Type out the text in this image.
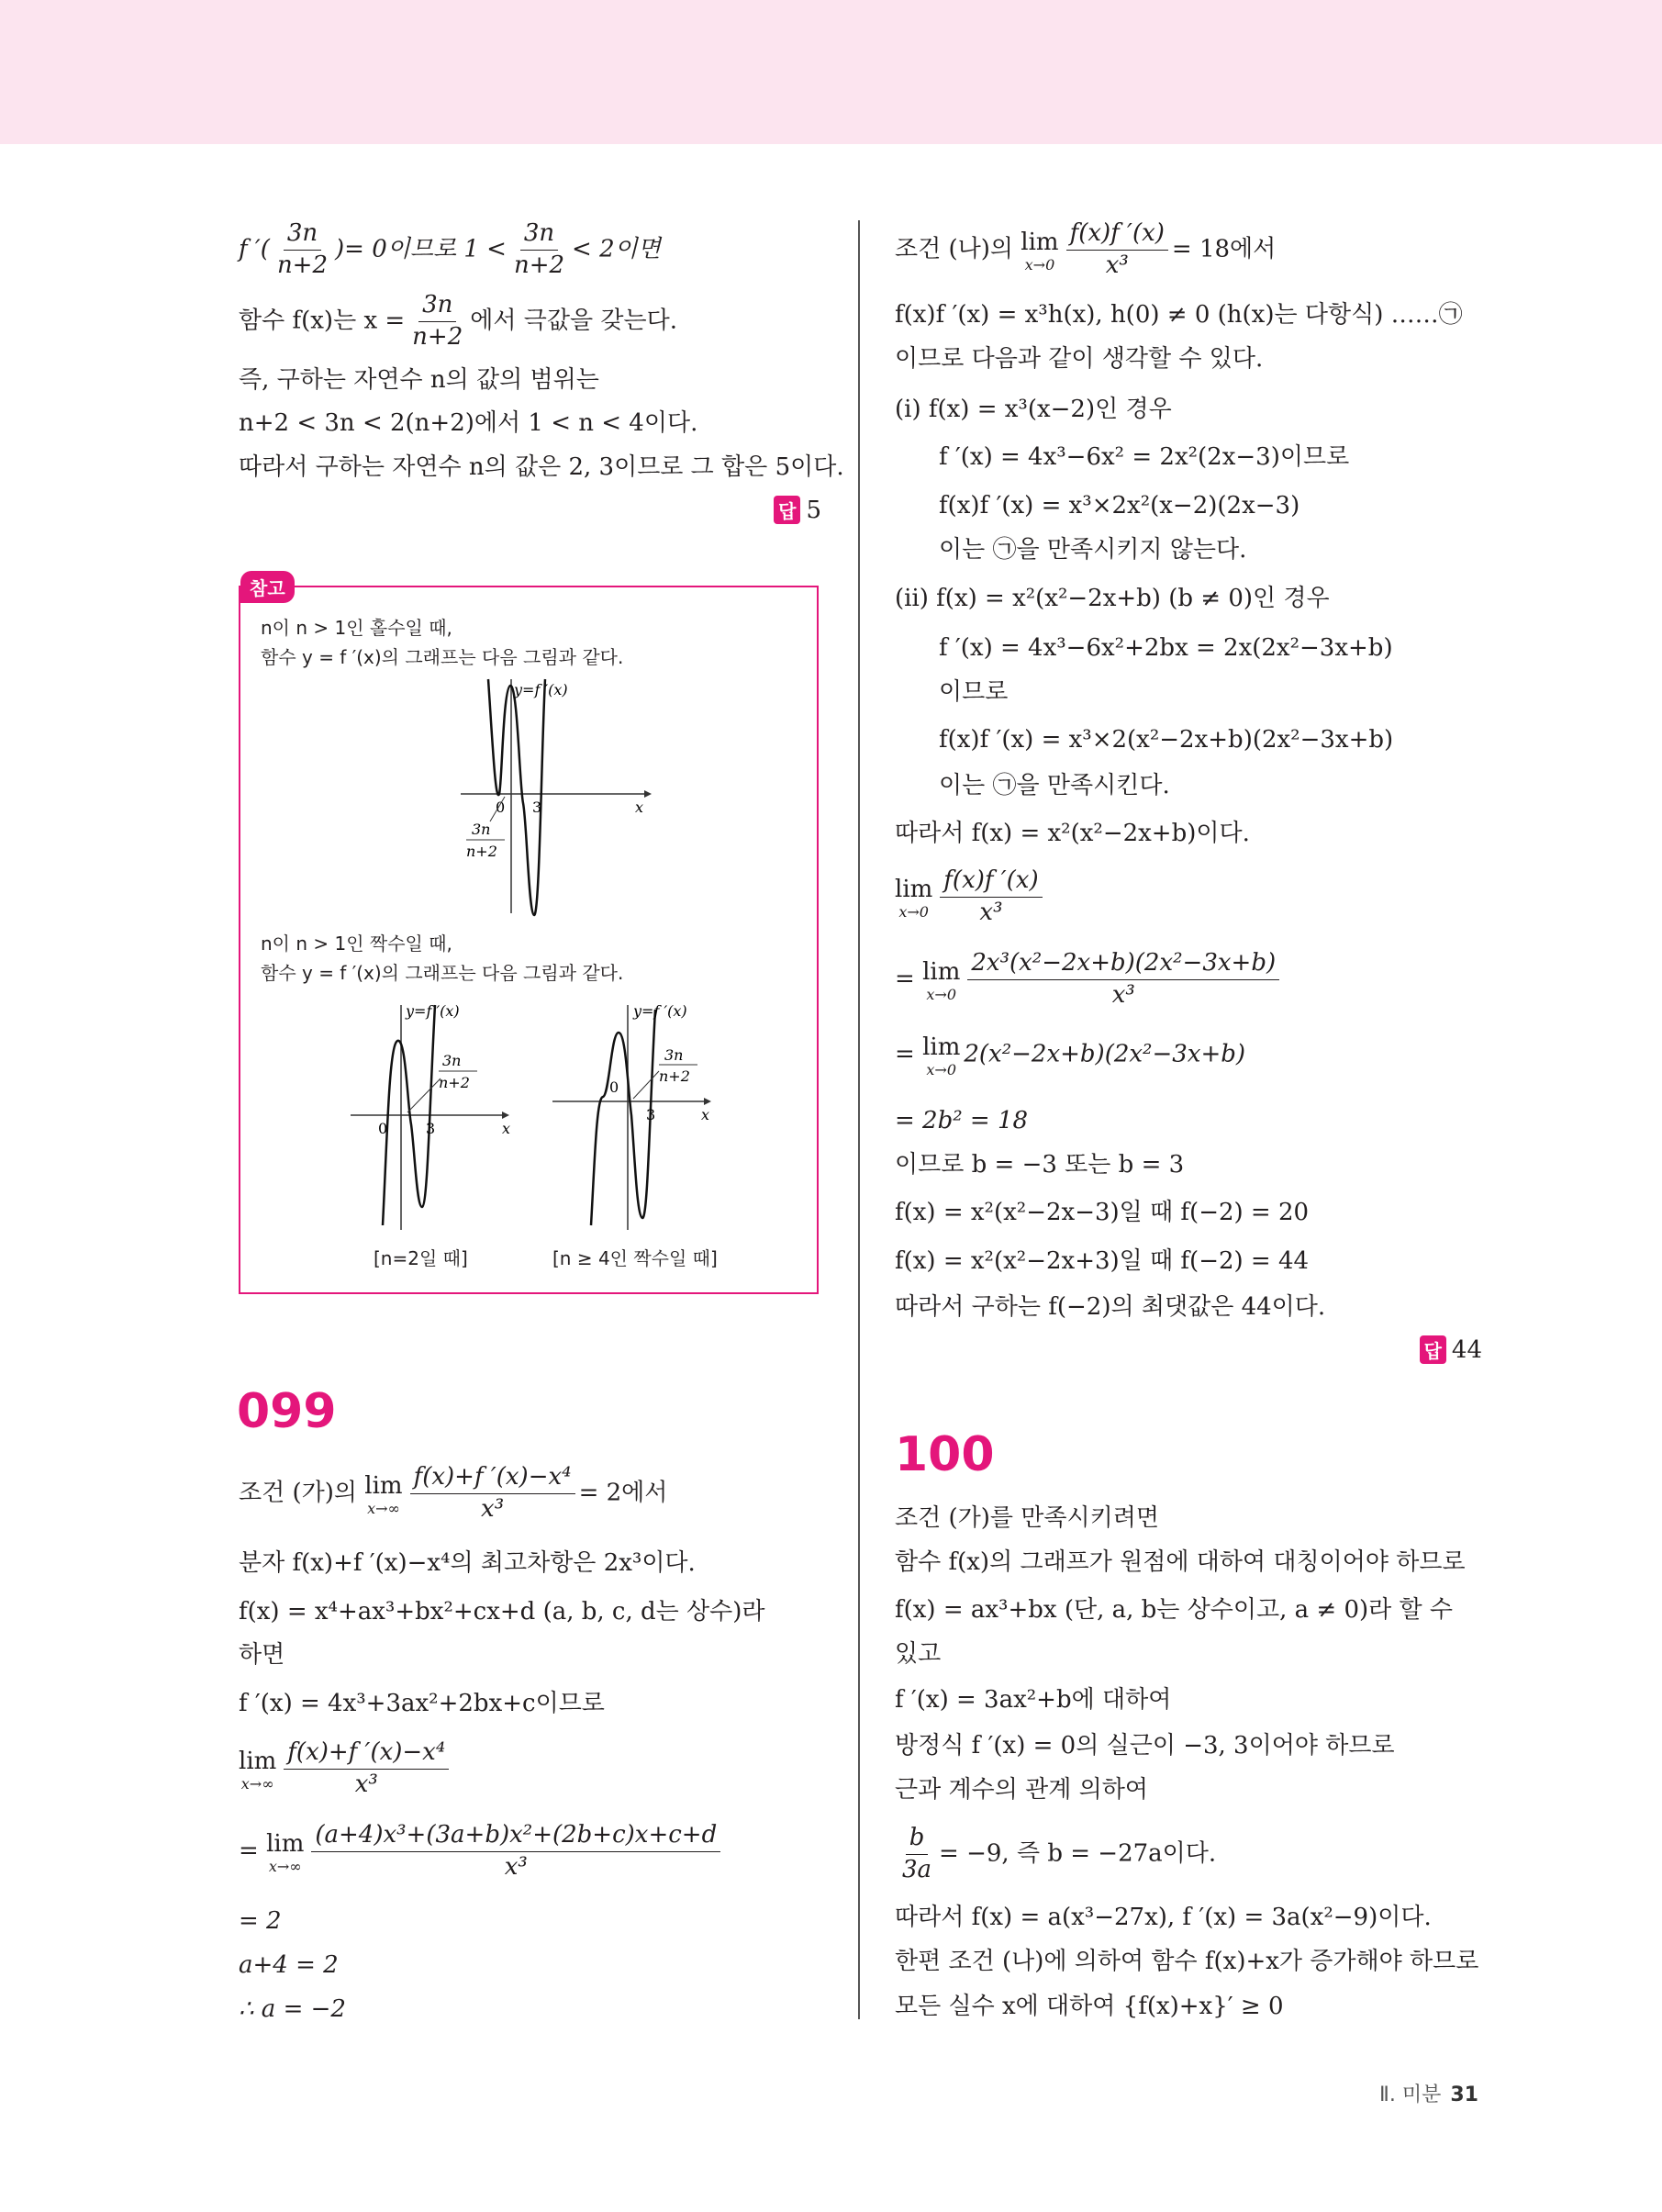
f ′( $\frac{3n}{n+2}$ )= 0이므로 $1 < \frac{3n}{n+2} < 2$이면
함수 f(x)는 $x = \frac{3n}{n+2}$ 에서 극값을 갖는다.
즉, 구하는 자연수 n의 값의 범위는
n+2 < 3n < 2(n+2)에서 1 < n < 4이다.
따라서 구하는 자연수 n의 값은 2, 3이므로 그 합은 5이다.
답 5
참고
n이 n > 1인 홀수일 때,
함수 y = f ′(x)의 그래프는 다음 그림과 같다.
y=f ′(x)
0 3	x
3n
n+2
n이 n > 1인 짝수일 때,
함수 y = f ′(x)의 그래프는 다음 그림과 같다.
y=f ′(x)
0	3	x
3n
n+2
y=f ′(x)
0
3	x
3n
n+2
[n=2일 때]	[n ≥ 4인 짝수일 때]
099
조건 (가)의 lim
$x\to\infty \frac{\text{f(x)+f ′(x)−x⁴}}{\text{x³}} = 2$에서
분자 f(x)+f ′(x)−x⁴의 최고차항은 2x³이다.
f(x) = x⁴+ax³+bx²+cx+d (a, b, c, d는 상수)라
하면
f ′(x) = 4x³+3ax²+2bx+c이므로
lim
$x\to\infty \frac{\text{f(x)+f ′(x)−x⁴}}{\text{x³}}$
= lim
$x\to\infty \frac{\text{(a+4)x³+(3a+b)x²+(2b+c)x+c+d}}{\text{x³}}$
= 2
a+4 = 2
∴ a = −2
조건 (나)의 lim
$x\to 0 \frac{f(x)f '(x)}{\text{x³}} = 18$에서
f(x)f ′(x) = x³h(x), h(0) ≠ 0 (h(x)는 다항식) ……㉠
이므로 다음과 같이 생각할 수 있다.
(ⅰ) f(x) = x³(x−2)인 경우
f ′(x) = 4x³−6x² = 2x²(2x−3)이므로
f(x)f ′(x) = x³×2x²(x−2)(2x−3)
이는 ㉠을 만족시키지 않는다.
(ⅱ) f(x) = x²(x²−2x+b) (b ≠ 0)인 경우
f ′(x) = 4x³−6x²+2bx = 2x(2x²−3x+b)
이므로
f(x)f ′(x) = x³×2(x²−2x+b)(2x²−3x+b)
이는 ㉠을 만족시킨다.
따라서 f(x) = x²(x²−2x+b)이다.
lim
$x\to 0 \frac{f(x)f '(x)}{\text{x³}}$
= lim
$x\to 0 \frac{\text{2x³(x²−2x+b)(2x²−3x+b)}}{\text{x³}}$
= lim
x→0
2(x²−2x+b)(2x²−3x+b)
= 2b² = 18
이므로 b = −3 또는 b = 3
f(x) = x²(x²−2x−3)일 때 f(−2) = 20
f(x) = x²(x²−2x+3)일 때 f(−2) = 44
따라서 구하는 f(−2)의 최댓값은 44이다.
답 44
100
조건 (가)를 만족시키려면
함수 f(x)의 그래프가 원점에 대하여 대칭이어야 하므로
f(x) = ax³+bx (단, a, b는 상수이고, a ≠ 0)라 할 수
있고
f ′(x) = 3ax²+b에 대하여
방정식 f ′(x) = 0의 실근이 −3, 3이어야 하므로
근과 계수의 관계 의하여
$\frac{b}{3a} = -9$, 즉 b = −27a이다.
따라서 f(x) = a(x³−27x), f ′(x) = 3a(x²−9)이다.
한편 조건 (나)에 의하여 함수 f(x)+x가 증가해야 하므로
모든 실수 x에 대하여 {f(x)+x}′ ≥ 0
Ⅱ. 미분 31
